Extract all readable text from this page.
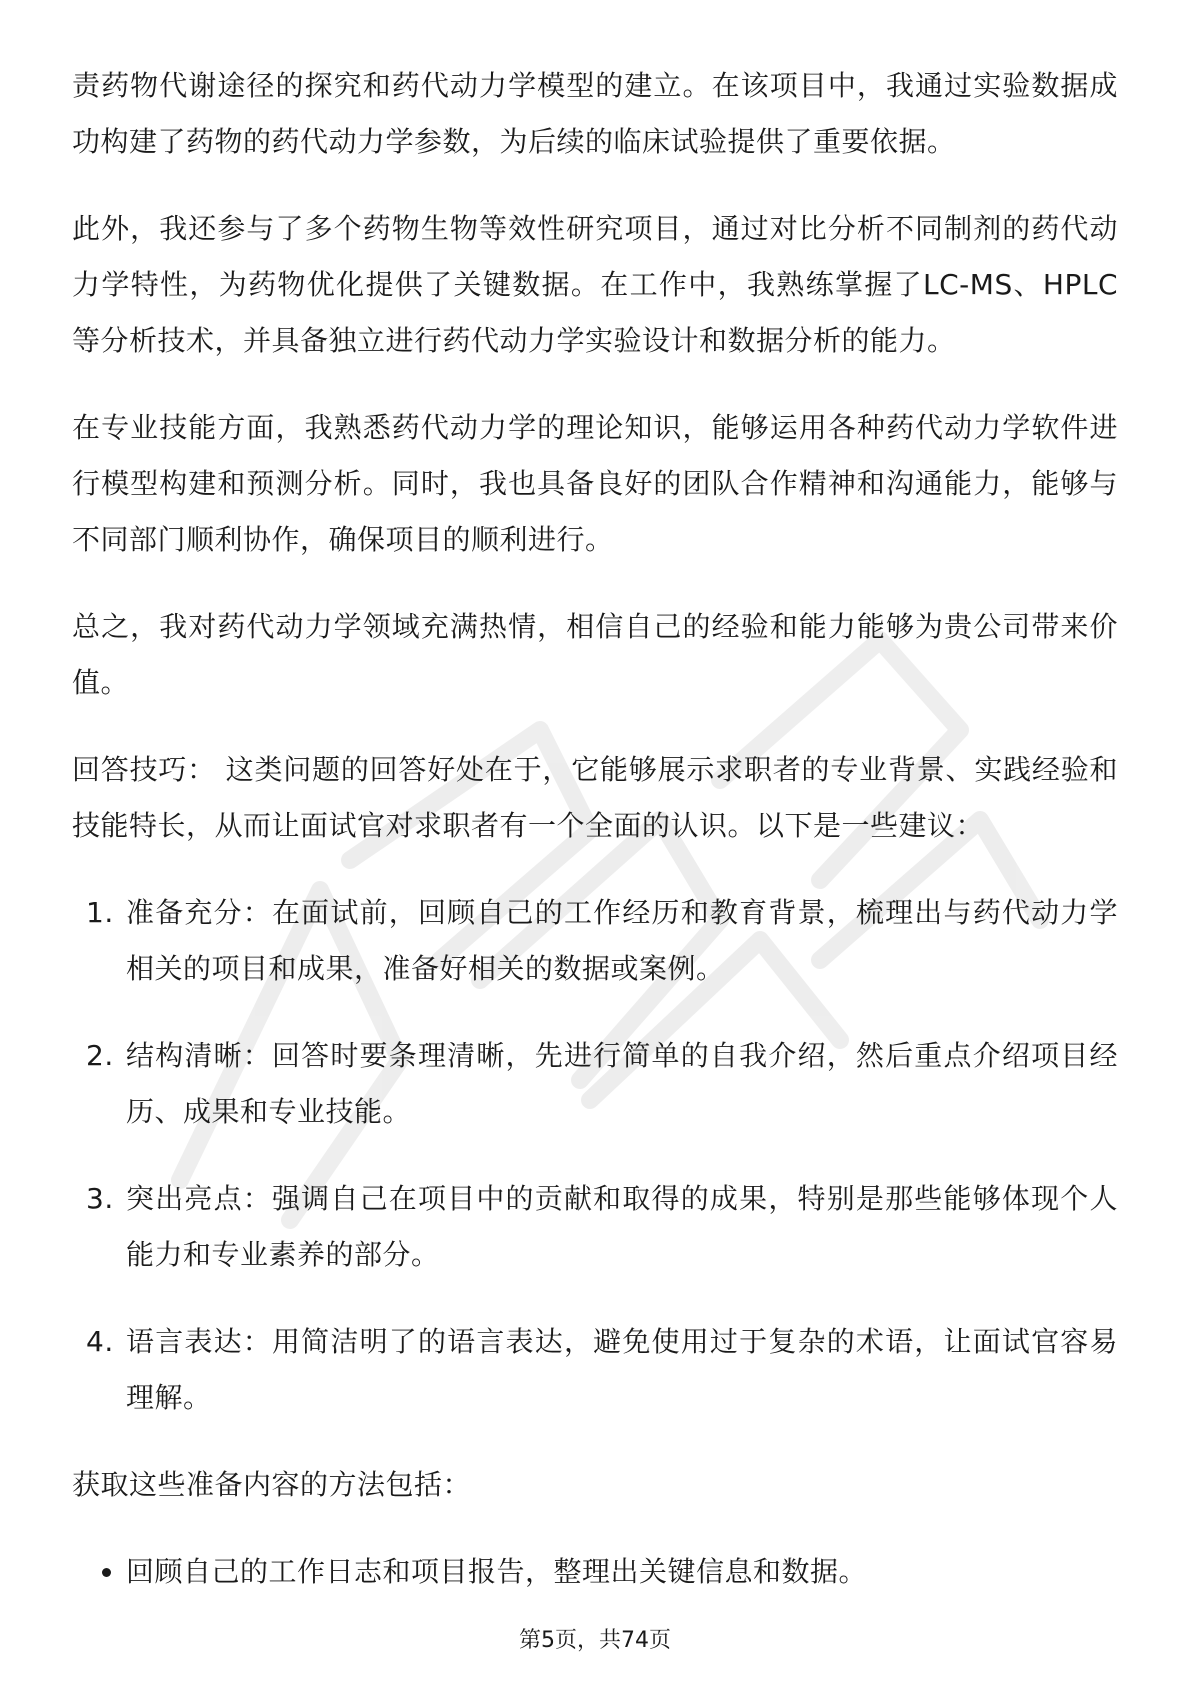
责药物代谢途径的探究和药代动力学模型的建立。在该项目中，我通过实验数据成功构建了药物的药代动力学参数，为后续的临床试验提供了重要依据。

此外，我还参与了多个药物生物等效性研究项目，通过对比分析不同制剂的药代动力学特性，为药物优化提供了关键数据。在工作中，我熟练掌握了LC-MS、HPLC等分析技术，并具备独立进行药代动力学实验设计和数据分析的能力。

在专业技能方面，我熟悉药代动力学的理论知识，能够运用各种药代动力学软件进行模型构建和预测分析。同时，我也具备良好的团队合作精神和沟通能力，能够与不同部门顺利协作，确保项目的顺利进行。

总之，我对药代动力学领域充满热情，相信自己的经验和能力能够为贵公司带来价值。

回答技巧： 这类问题的回答好处在于，它能够展示求职者的专业背景、实践经验和技能特长，从而让面试官对求职者有一个全面的认识。以下是一些建议：

1. 准备充分：在面试前，回顾自己的工作经历和教育背景，梳理出与药代动力学相关的项目和成果，准备好相关的数据或案例。
2. 结构清晰：回答时要条理清晰，先进行简单的自我介绍，然后重点介绍项目经历、成果和专业技能。
3. 突出亮点：强调自己在项目中的贡献和取得的成果，特别是那些能够体现个人能力和专业素养的部分。
4. 语言表达：用简洁明了的语言表达，避免使用过于复杂的术语，让面试官容易理解。

获取这些准备内容的方法包括：

回顾自己的工作日志和项目报告，整理出关键信息和数据。
第5页，共74页
